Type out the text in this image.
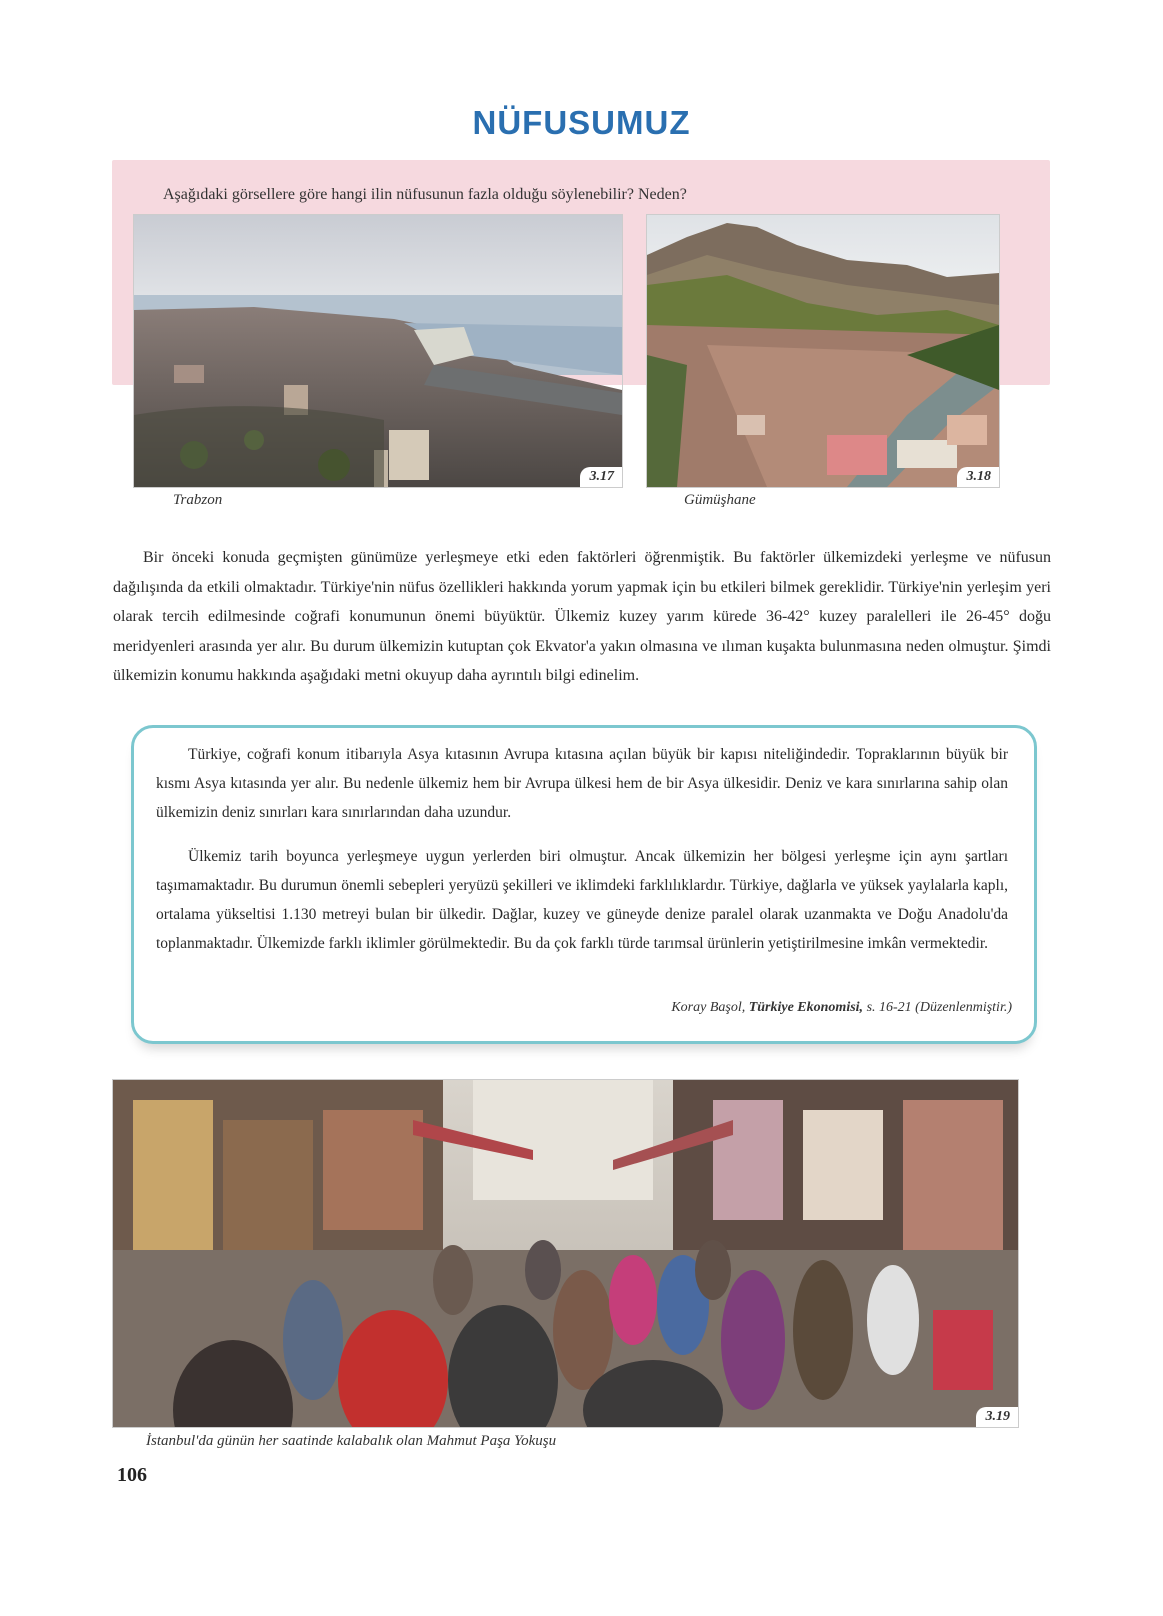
NÜFUSUMUZ
Aşağıdaki görsellere göre hangi ilin nüfusunun fazla olduğu söylenebilir? Neden?
3.17
Trabzon
3.18
Gümüşhane
Bir önceki konuda geçmişten günümüze yerleşmeye etki eden faktörleri öğrenmiştik. Bu faktörler ülkemizdeki yerleşme ve nüfusun dağılışında da etkili olmaktadır. Türkiye'nin nüfus özellikleri hakkında yorum yapmak için bu etkileri bilmek gereklidir. Türkiye'nin yerleşim yeri olarak tercih edilmesinde coğrafi konumunun önemi büyüktür. Ülkemiz kuzey yarım kürede 36-42° kuzey paralelleri ile 26-45° doğu meridyenleri arasında yer alır. Bu durum ülkemizin kutuptan çok Ekvator'a yakın olmasına ve ılıman kuşakta bulunmasına neden olmuştur. Şimdi ülkemizin konumu hakkında aşağıdaki metni okuyup daha ayrıntılı bilgi edinelim.
Türkiye, coğrafi konum itibarıyla Asya kıtasının Avrupa kıtasına açılan büyük bir kapısı niteliğindedir. Topraklarının büyük bir kısmı Asya kıtasında yer alır. Bu nedenle ülkemiz hem bir Avrupa ülkesi hem de bir Asya ülkesidir. Deniz ve kara sınırlarına sahip olan ülkemizin deniz sınırları kara sınırlarından daha uzundur.
Ülkemiz tarih boyunca yerleşmeye uygun yerlerden biri olmuştur. Ancak ülkemizin her bölgesi yerleşme için aynı şartları taşımamaktadır. Bu durumun önemli sebepleri yeryüzü şekilleri ve iklimdeki farklılıklardır. Türkiye, dağlarla ve yüksek yaylalarla kaplı, ortalama yükseltisi 1.130 metreyi bulan bir ülkedir. Dağlar, kuzey ve güneyde denize paralel olarak uzanmakta ve Doğu Anadolu'da toplanmaktadır. Ülkemizde farklı iklimler görülmektedir. Bu da çok farklı türde tarımsal ürünlerin yetiştirilmesine imkân vermektedir.
Koray Başol, Türkiye Ekonomisi, s. 16-21 (Düzenlenmiştir.)
3.19
İstanbul'da günün her saatinde kalabalık olan Mahmut Paşa Yokuşu
106
